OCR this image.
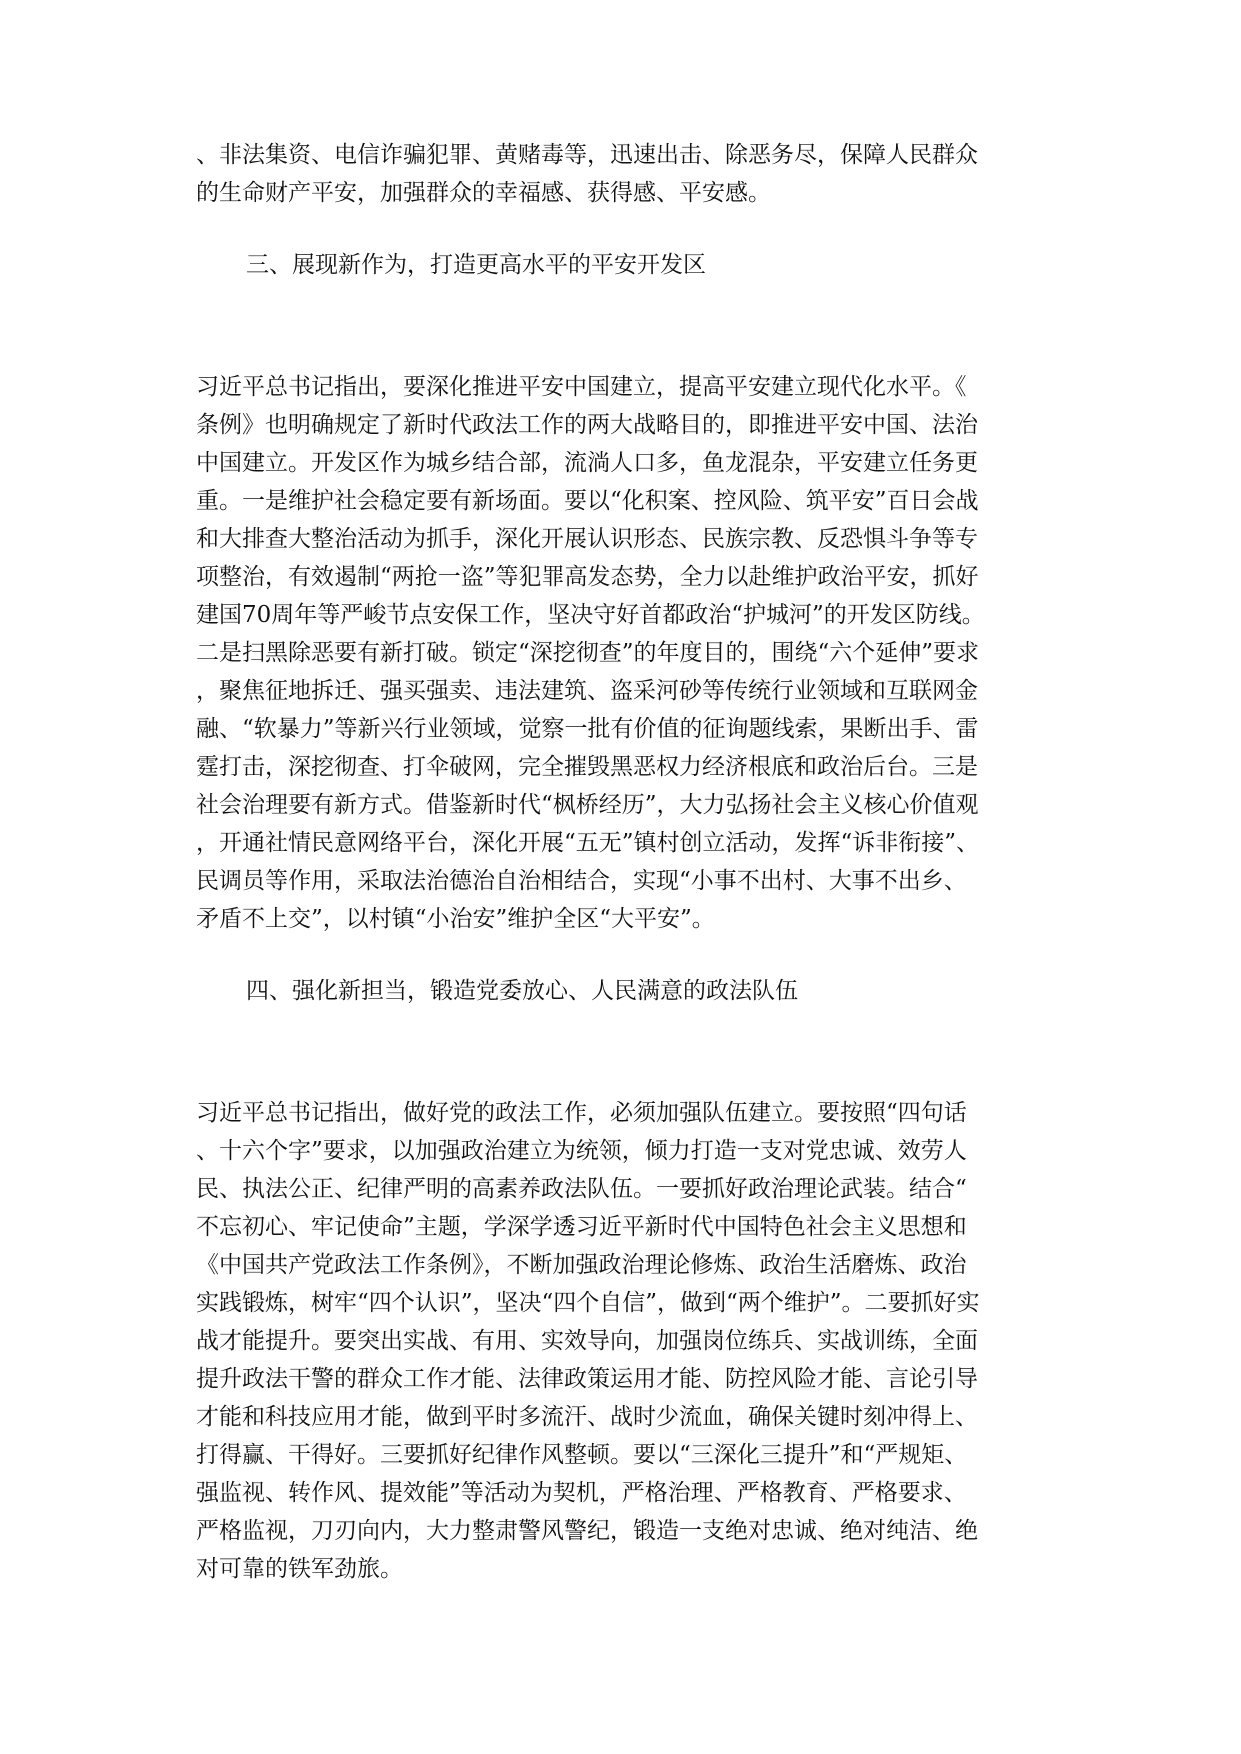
、非法集资、电信诈骗犯罪、黄赌毒等，迅速出击、除恶务尽，保障人民群众
的生命财产平安，加强群众的幸福感、获得感、平安感。
三、展现新作为，打造更高水平的平安开发区
习近平总书记指出，要深化推进平安中国建立，提高平安建立现代化水平。《
条例》也明确规定了新时代政法工作的两大战略目的，即推进平安中国、法治
中国建立。开发区作为城乡结合部，流淌人口多，鱼龙混杂，平安建立任务更
重。一是维护社会稳定要有新场面。要以“化积案、控风险、筑平安”百日会战
和大排查大整治活动为抓手，深化开展认识形态、民族宗教、反恐惧斗争等专
项整治，有效遏制“两抢一盗”等犯罪高发态势，全力以赴维护政治平安，抓好
建国70周年等严峻节点安保工作，坚决守好首都政治“护城河”的开发区防线。
二是扫黑除恶要有新打破。锁定“深挖彻查”的年度目的，围绕“六个延伸”要求
，聚焦征地拆迁、强买强卖、违法建筑、盗采河砂等传统行业领域和互联网金
融、“软暴力”等新兴行业领域，觉察一批有价值的征询题线索，果断出手、雷
霆打击，深挖彻查、打伞破网，完全摧毁黑恶权力经济根底和政治后台。三是
社会治理要有新方式。借鉴新时代“枫桥经历”，大力弘扬社会主义核心价值观
，开通社情民意网络平台，深化开展“五无”镇村创立活动，发挥“诉非衔接”、
民调员等作用，采取法治德治自治相结合，实现“小事不出村、大事不出乡、
矛盾不上交”，以村镇“小治安”维护全区“大平安”。
四、强化新担当，锻造党委放心、人民满意的政法队伍
习近平总书记指出，做好党的政法工作，必须加强队伍建立。要按照“四句话
、十六个字”要求，以加强政治建立为统领，倾力打造一支对党忠诚、效劳人
民、执法公正、纪律严明的高素养政法队伍。一要抓好政治理论武装。结合“
不忘初心、牢记使命”主题，学深学透习近平新时代中国特色社会主义思想和
《中国共产党政法工作条例》，不断加强政治理论修炼、政治生活磨炼、政治
实践锻炼，树牢“四个认识”，坚决“四个自信”，做到“两个维护”。二要抓好实
战才能提升。要突出实战、有用、实效导向，加强岗位练兵、实战训练，全面
提升政法干警的群众工作才能、法律政策运用才能、防控风险才能、言论引导
才能和科技应用才能，做到平时多流汗、战时少流血，确保关键时刻冲得上、
打得赢、干得好。三要抓好纪律作风整顿。要以“三深化三提升”和“严规矩、
强监视、转作风、提效能”等活动为契机，严格治理、严格教育、严格要求、
严格监视，刀刃向内，大力整肃警风警纪，锻造一支绝对忠诚、绝对纯洁、绝
对可靠的铁军劲旅。
